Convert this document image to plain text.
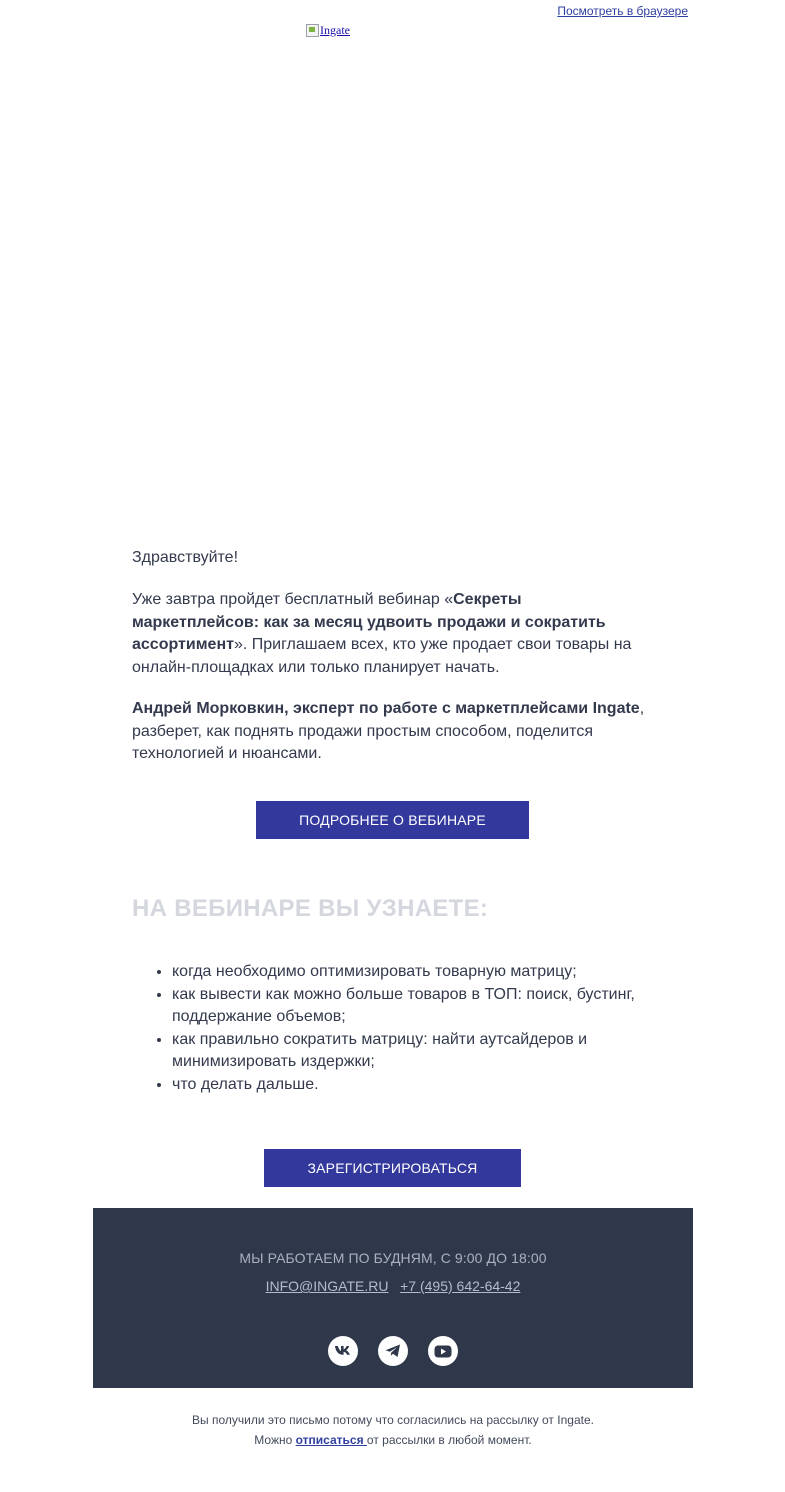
Посмотреть в браузере
Ingate

Здравствуйте!

Уже завтра пройдет бесплатный вебинар «Секреты маркетплейсов: как за месяц удвоить продажи и сократить ассортимент». Приглашаем всех, кто уже продает свои товары на онлайн-площадках или только планирует начать.

Андрей Морковкин, эксперт по работе с маркетплейсами Ingate, разберет, как поднять продажи простым способом, поделится технологией и нюансами.

ПОДРОБНЕЕ О ВЕБИНАРЕ
НА ВЕБИНАРЕ ВЫ УЗНАЕТЕ:
• когда необходимо оптимизировать товарную матрицу;
• как вывести как можно больше товаров в ТОП: поиск, бустинг, поддержание объемов;
• как правильно сократить матрицу: найти аутсайдеров и минимизировать издержки;
• что делать дальше.
ЗАРЕГИСТРИРОВАТЬСЯ
МЫ РАБОТАЕМ ПО БУДНЯМ, С 9:00 ДО 18:00
INFO@INGATE.RU +7 (495) 642-64-42
Вы получили это письмо потому что согласились на рассылку от Ingate.
Можно отписаться от рассылки в любой момент.
